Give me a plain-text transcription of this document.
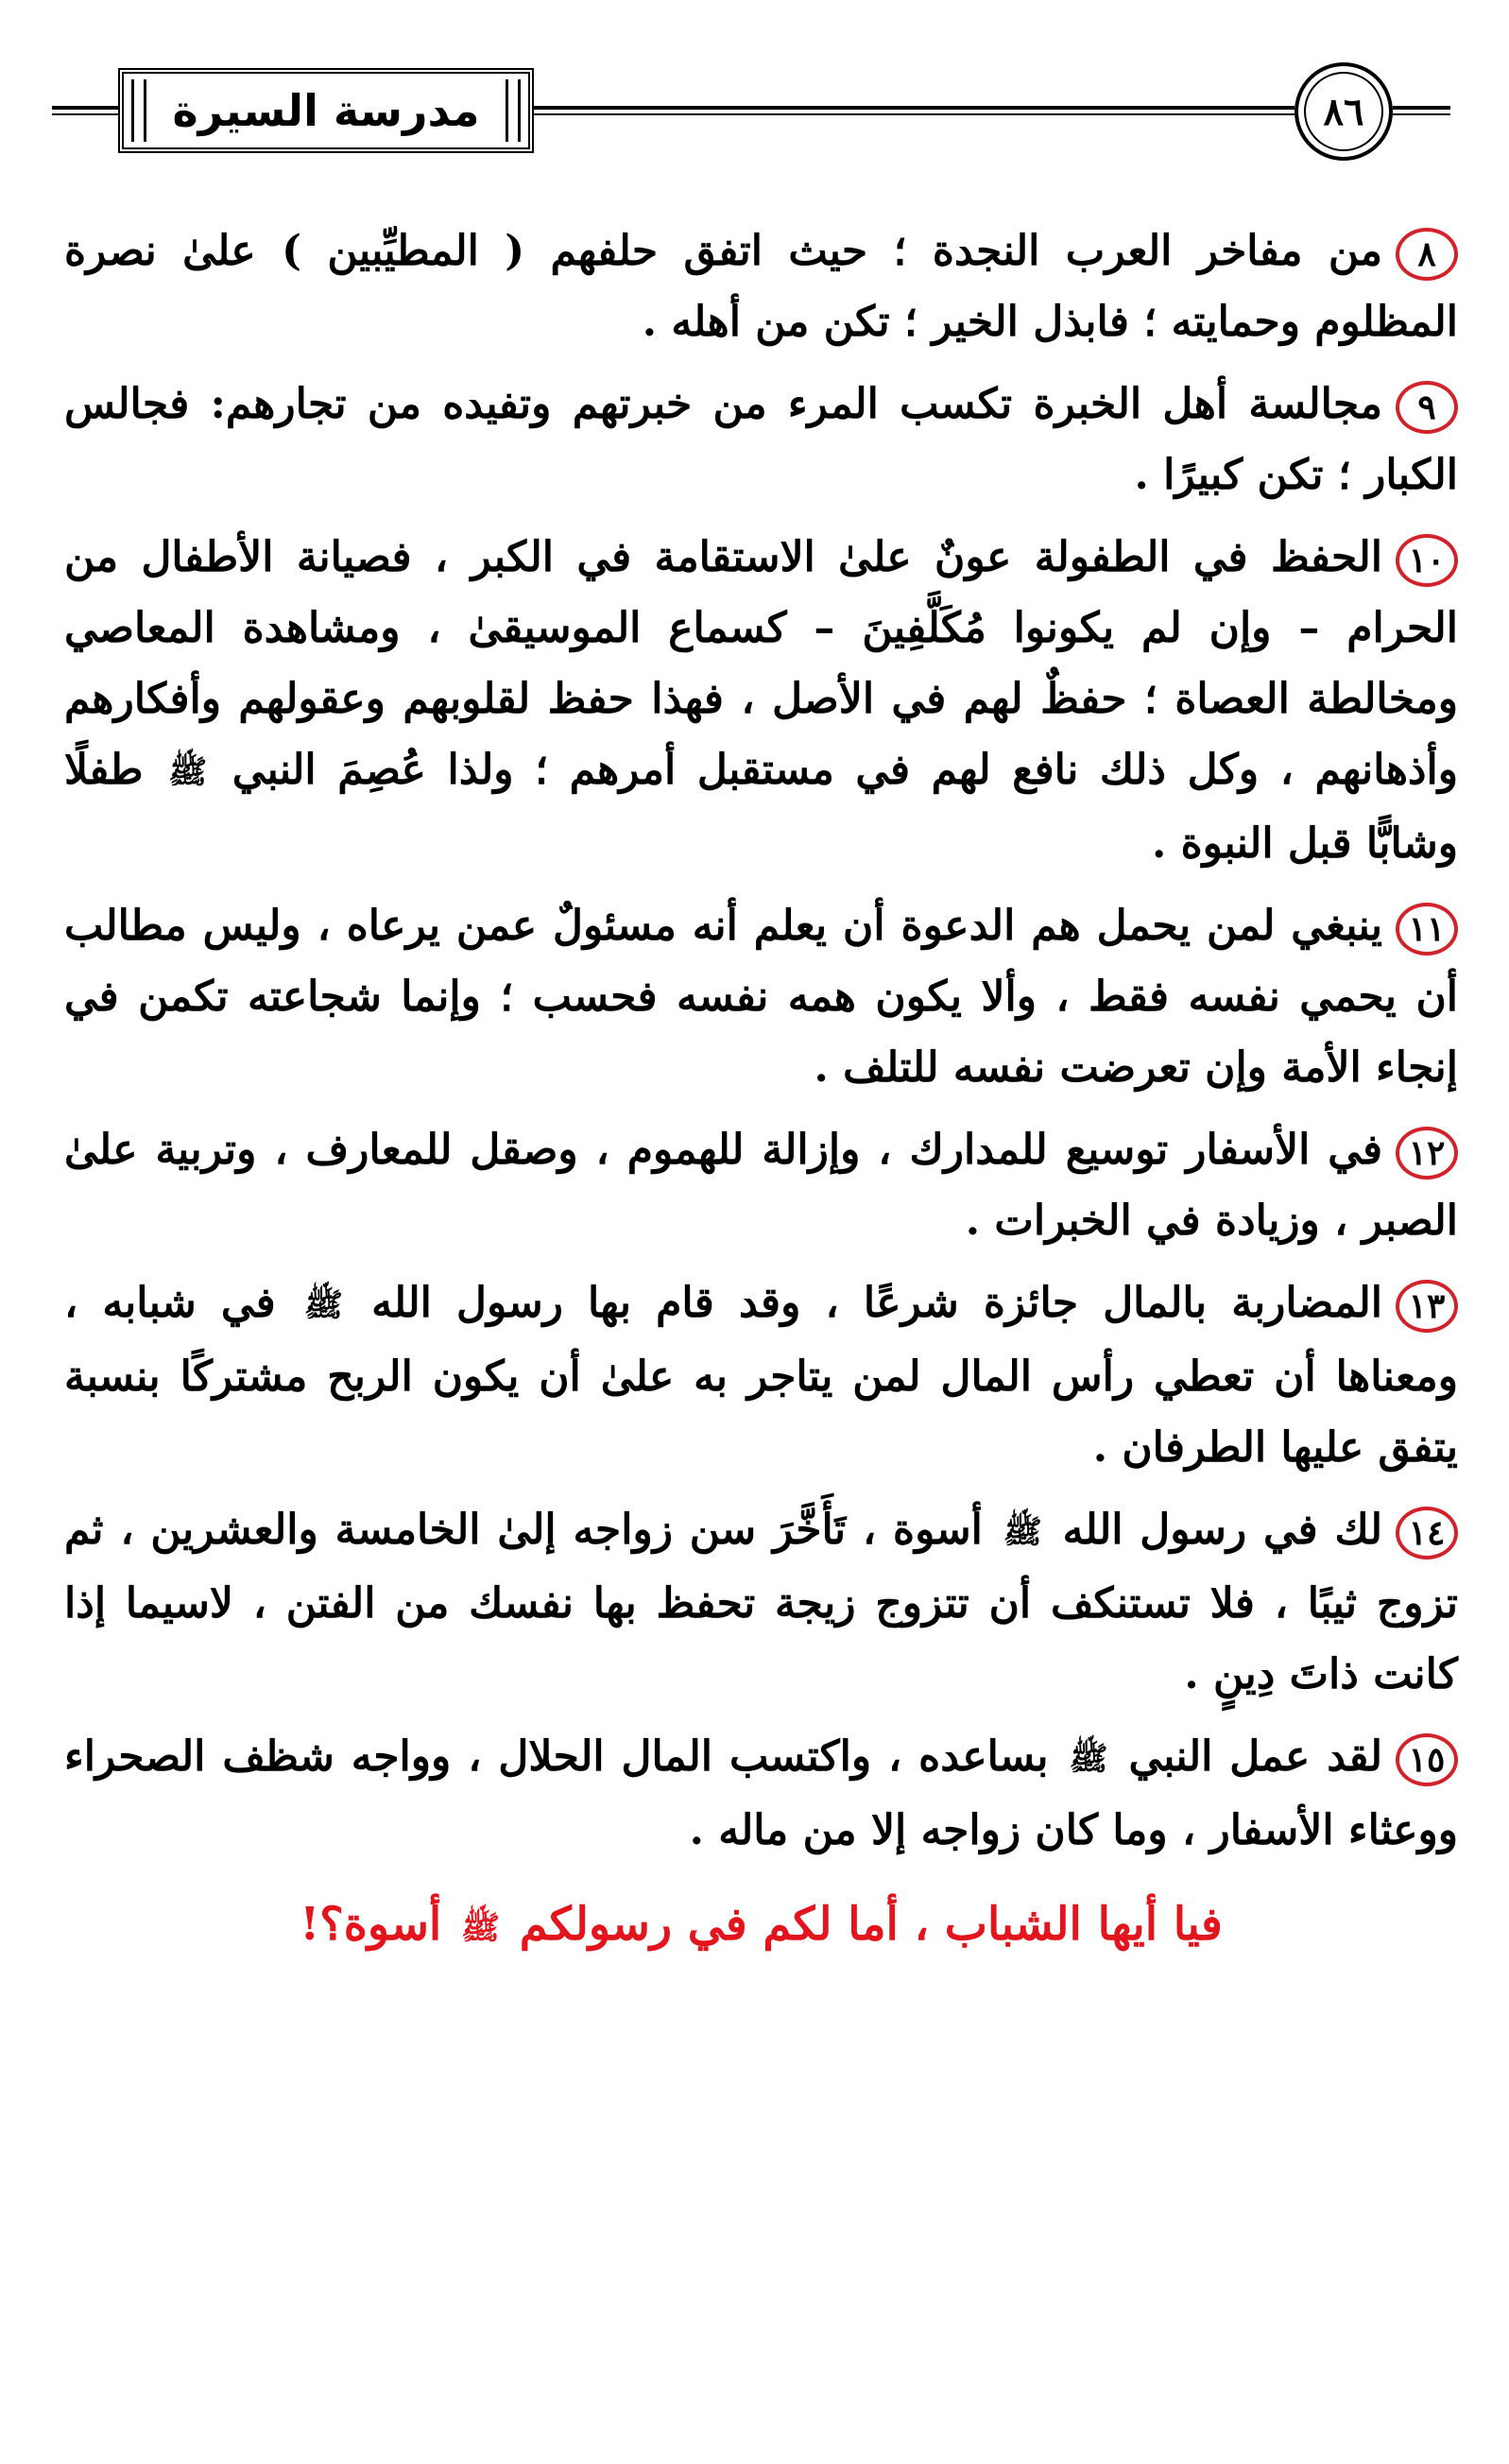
مدرسة السيرة	٨٦

٨من مفاخر العرب النجدة ؛ حيث اتفق حلفهم ( المطيِّبين ) علىٰ نصرة المظلوم وحمايته ؛ فابذل الخير ؛ تكن من أهله .

٩مجالسة أهل الخبرة تكسب المرء من خبرتهم وتفيده من تجارهم: فجالس الكبار ؛ تكن كبيرًا .

١٠الحفظ في الطفولة عونٌ علىٰ الاستقامة في الكبر ، فصيانة الأطفال من الحرام – وإن لم يكونوا مُكَلَّفِينَ – كسماع الموسيقىٰ ، ومشاهدة المعاصي ومخالطة العصاة ؛ حفظٌ لهم في الأصل ، فهذا حفظ لقلوبهم وعقولهم وأفكارهم وأذهانهم ، وكل ذلك نافع لهم في مستقبل أمرهم ؛ ولذا عُصِمَ النبي ﷺ طفلًا وشابًّا قبل النبوة .

١١ينبغي لمن يحمل هم الدعوة أن يعلم أنه مسئولٌ عمن يرعاه ، وليس مطالب أن يحمي نفسه فقط ، وألا يكون همه نفسه فحسب ؛ وإنما شجاعته تكمن في إنجاء الأمة وإن تعرضت نفسه للتلف .

١٢في الأسفار توسيع للمدارك ، وإزالة للهموم ، وصقل للمعارف ، وتربية علىٰ الصبر ، وزيادة في الخبرات .

١٣المضاربة بالمال جائزة شرعًا ، وقد قام بها رسول الله ﷺ في شبابه ، ومعناها أن تعطي رأس المال لمن يتاجر به علىٰ أن يكون الربح مشتركًا بنسبة يتفق عليها الطرفان .

١٤لك في رسول الله ﷺ أسوة ، تَأَخَّرَ سن زواجه إلىٰ الخامسة والعشرين ، ثم تزوج ثيبًا ، فلا تستنكف أن تتزوج زيجة تحفظ بها نفسك من الفتن ، لاسيما إذا كانت ذاتَ دِينٍ .

١٥لقد عمل النبي ﷺ بساعده ، واكتسب المال الحلال ، وواجه شظف الصحراء ووعثاء الأسفار ، وما كان زواجه إلا من ماله .

فيا أيها الشباب ، أما لكم في رسولكم ﷺ أسوة؟!
